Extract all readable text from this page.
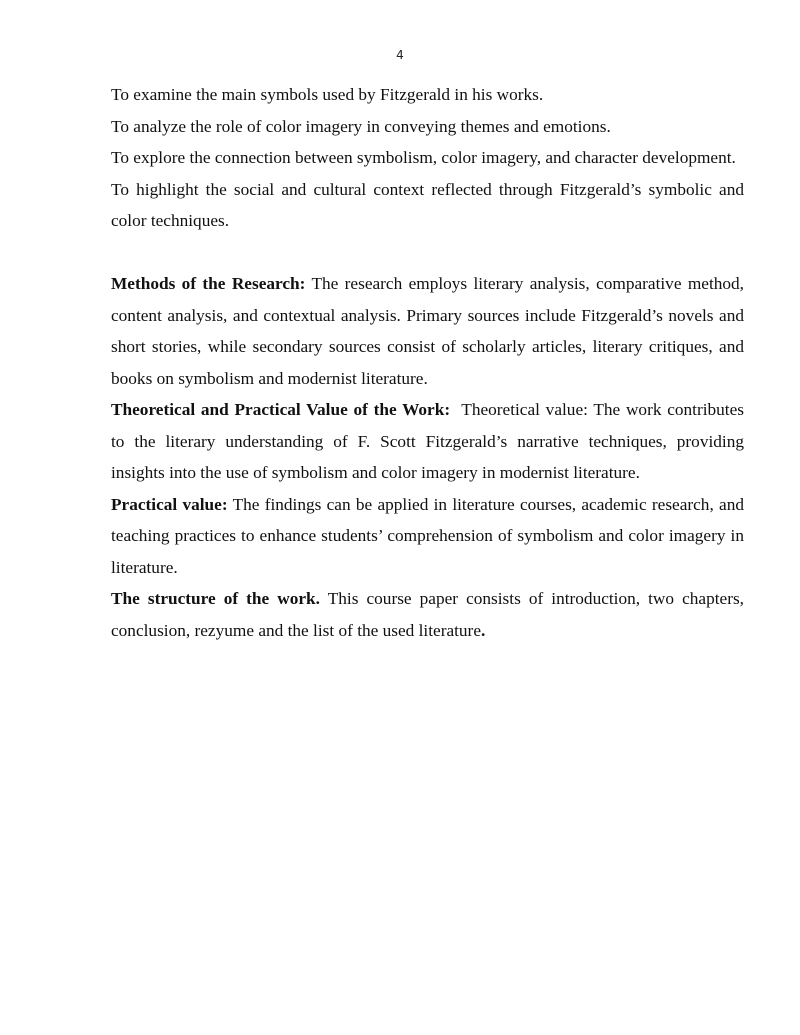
4

To examine the main symbols used by Fitzgerald in his works.

To analyze the role of color imagery in conveying themes and emotions.

To explore the connection between symbolism, color imagery, and character development.

To highlight the social and cultural context reflected through Fitzgerald’s symbolic and color techniques.

Methods of the Research: The research employs literary analysis, comparative method, content analysis, and contextual analysis. Primary sources include Fitzgerald’s novels and short stories, while secondary sources consist of scholarly articles, literary critiques, and books on symbolism and modernist literature.

Theoretical and Practical Value of the Work:  Theoretical value: The work contributes to the literary understanding of F. Scott Fitzgerald’s narrative techniques, providing insights into the use of symbolism and color imagery in modernist literature.

Practical value: The findings can be applied in literature courses, academic research, and teaching practices to enhance students’ comprehension of symbolism and color imagery in literature.

The structure of the work. This course paper consists of introduction, two chapters, conclusion, rezyume and the list of the used literature.
